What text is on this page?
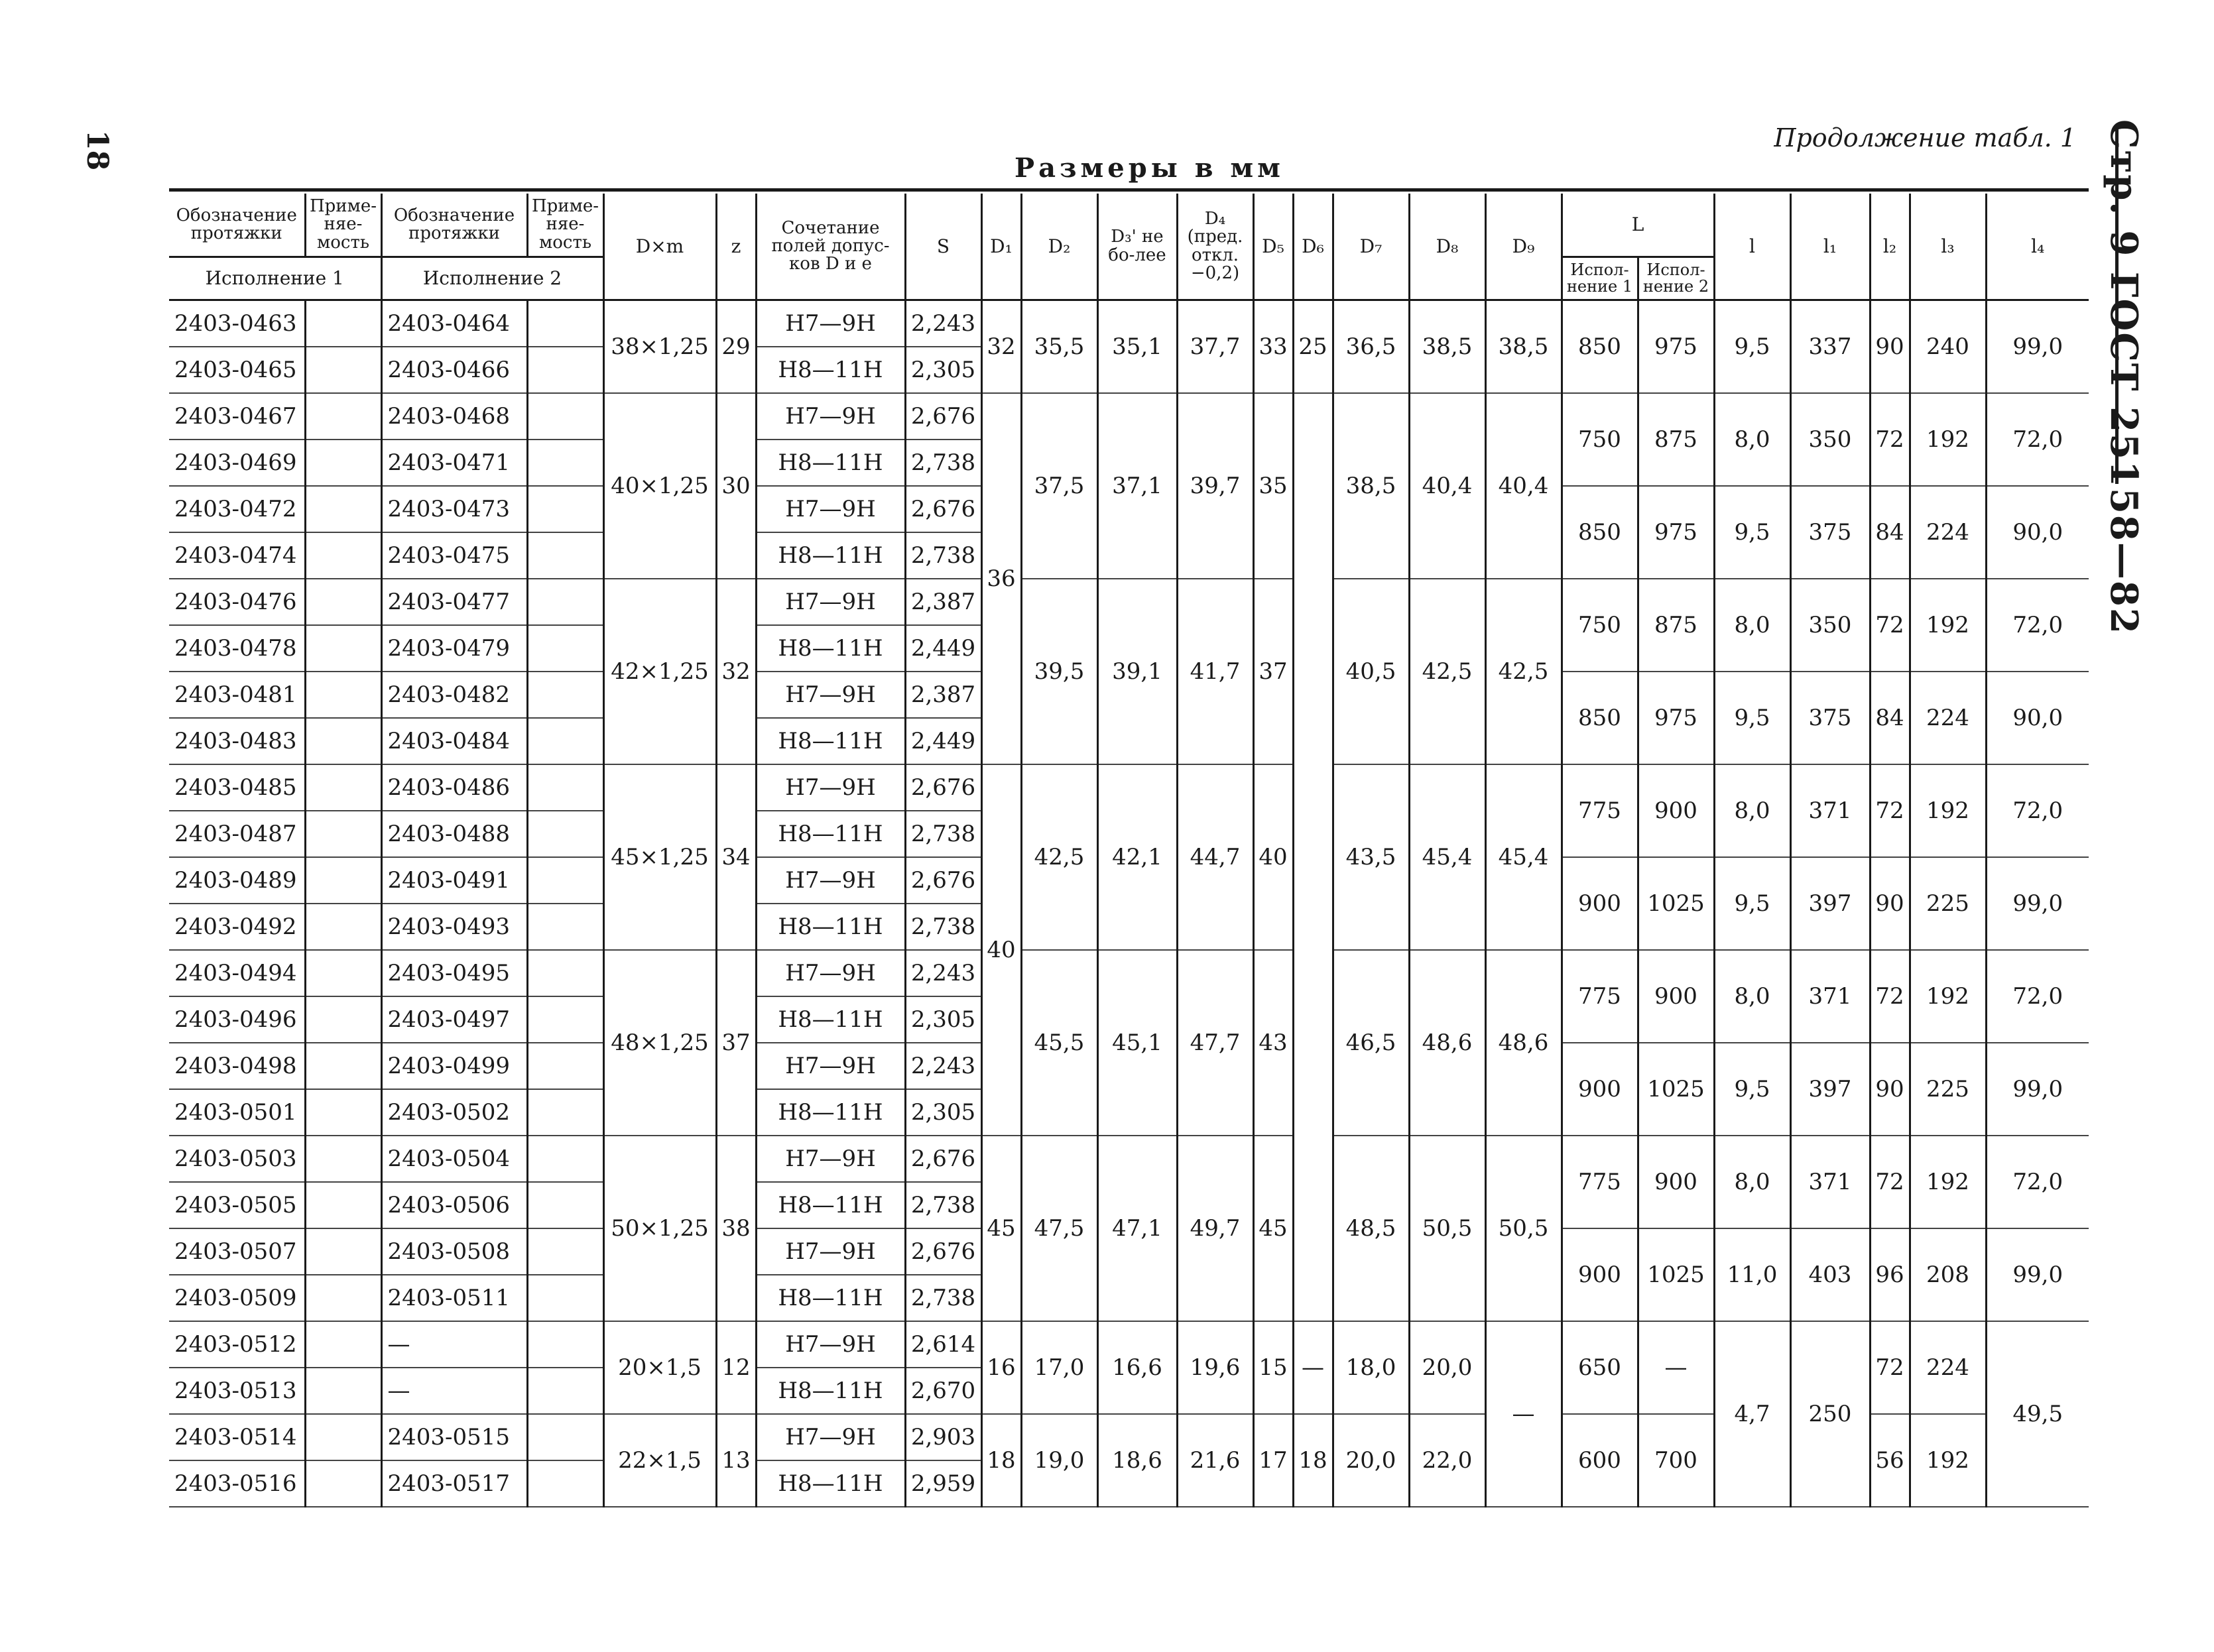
18	Продолжение табл. 1 Стр. 9 ГОСТ 25158—82
Размеры в мм
Обозначение протяжки	Приме-няе-мость	Обозначение протяжки	Приме-няе-мость	D×m	z	Сочетание полей допус-ков D и e	S	D₁	D₂	D₃' не бо-лее	D₄ (пред. откл. −0,2)	D₅	D₆	D₇	D₈	D₉	L		l	l₁	l₂	l₃	l₄
Исполнение 1		Исполнение 2															Испол-нение 1	Испол-нение 2					
2403-0463		2403-0464		38×1,25	29	H7—9H	2,243	32	35,5	35,1	37,7	33	25	36,5	38,5	38,5	850	975	9,5	337	90	240	99,0
2403-0465		2403-0466				H8—11H	2,305																
2403-0467		2403-0468		40×1,25	30	H7—9H	2,676	36	37,5	37,1	39,7	35		38,5	40,4	40,4	750	875	8,0	350	72	192	72,0
2403-0469		2403-0471				H8—11H	2,738																
2403-0472		2403-0473				H7—9H	2,676										850	975	9,5	375	84	224	90,0
2403-0474		2403-0475				H8—11H	2,738																
2403-0476		2403-0477		42×1,25	32	H7—9H	2,387		39,5	39,1	41,7	37		40,5	42,5	42,5	750	875	8,0	350	72	192	72,0
2403-0478		2403-0479				H8—11H	2,449																
2403-0481		2403-0482				H7—9H	2,387										850	975	9,5	375	84	224	90,0
2403-0483		2403-0484				H8—11H	2,449																
2403-0485		2403-0486		45×1,25	34	H7—9H	2,676	40	42,5	42,1	44,7	40		43,5	45,4	45,4	775	900	8,0	371	72	192	72,0
2403-0487		2403-0488				H8—11H	2,738																
2403-0489		2403-0491				H7—9H	2,676										900	1025	9,5	397	90	225	99,0
2403-0492		2403-0493				H8—11H	2,738																
2403-0494		2403-0495		48×1,25	37	H7—9H	2,243		45,5	45,1	47,7	43		46,5	48,6	48,6	775	900	8,0	371	72	192	72,0
2403-0496		2403-0497				H8—11H	2,305																
2403-0498		2403-0499				H7—9H	2,243										900	1025	9,5	397	90	225	99,0
2403-0501		2403-0502				H8—11H	2,305																
2403-0503		2403-0504		50×1,25	38	H7—9H	2,676	45	47,5	47,1	49,7	45		48,5	50,5	50,5	775	900	8,0	371	72	192	72,0
2403-0505		2403-0506				H8—11H	2,738																
2403-0507		2403-0508				H7—9H	2,676										900	1025	11,0	403	96	208	99,0
2403-0509		2403-0511				H8—11H	2,738																
2403-0512		—		20×1,5	12	H7—9H	2,614	16	17,0	16,6	19,6	15	—	18,0	20,0	—	650	—	4,7	250	72	224	49,5
2403-0513		—				H8—11H	2,670																
2403-0514		2403-0515		22×1,5	13	H7—9H	2,903	18	19,0	18,6	21,6	17	18	20,0	22,0		600	700			56	192	
2403-0516		2403-0517				H8—11H	2,959																
